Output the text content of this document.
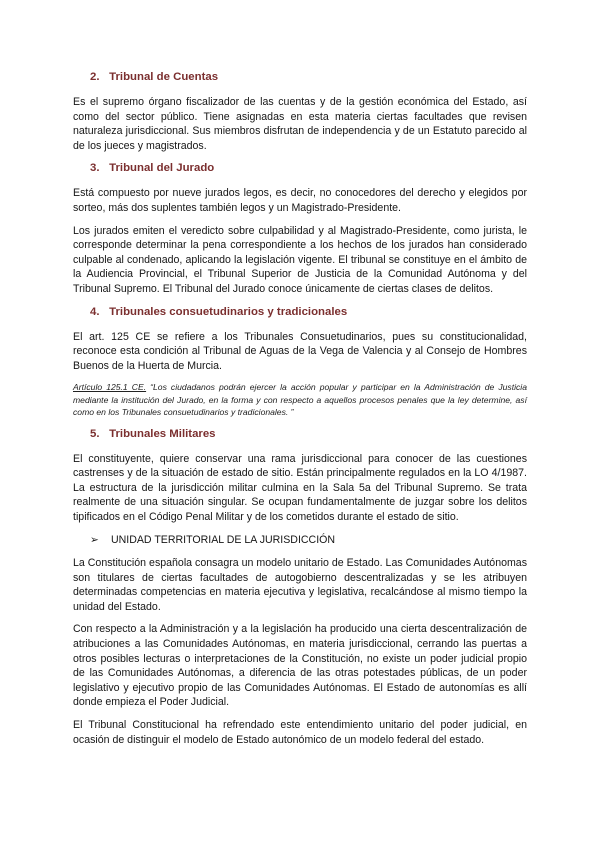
2. Tribunal de Cuentas

Es el supremo órgano fiscalizador de las cuentas y de la gestión económica del Estado, así como del sector público. Tiene asignadas en esta materia ciertas facultades que revisen naturaleza jurisdiccional. Sus miembros disfrutan de independencia y de un Estatuto parecido al de los jueces y magistrados.

3. Tribunal del Jurado

Está compuesto por nueve jurados legos, es decir, no conocedores del derecho y elegidos por sorteo, más dos suplentes también legos y un Magistrado-Presidente.

Los jurados emiten el veredicto sobre culpabilidad y al Magistrado-Presidente, como jurista, le corresponde determinar la pena correspondiente a los hechos de los jurados han considerado culpable al condenado, aplicando la legislación vigente. El tribunal se constituye en el ámbito de la Audiencia Provincial, el Tribunal Superior de Justicia de la Comunidad Autónoma y del Tribunal Supremo. El Tribunal del Jurado conoce únicamente de ciertas clases de delitos.

4. Tribunales consuetudinarios y tradicionales

El art. 125 CE se refiere a los Tribunales Consuetudinarios, pues su constitucionalidad, reconoce esta condición al Tribunal de Aguas de la Vega de Valencia y al Consejo de Hombres Buenos de la Huerta de Murcia.

Artículo 125.1 CE. “Los ciudadanos podrán ejercer la acción popular y participar en la Administración de Justicia mediante la institución del Jurado, en la forma y con respecto a aquellos procesos penales que la ley determine, así como en los Tribunales consuetudinarios y tradicionales. ”

5. Tribunales Militares

El constituyente, quiere conservar una rama jurisdiccional para conocer de las cuestiones castrenses y de la situación de estado de sitio. Están principalmente regulados en la LO 4/1987. La estructura de la jurisdicción militar culmina en la Sala 5a del Tribunal Supremo. Se trata realmente de una situación singular. Se ocupan fundamentalmente de juzgar sobre los delitos tipificados en el Código Penal Militar y de los cometidos durante el estado de sitio.

➢ UNIDAD TERRITORIAL DE LA JURISDICCIÓN

La Constitución española consagra un modelo unitario de Estado. Las Comunidades Autónomas son titulares de ciertas facultades de autogobierno descentralizadas y se les atribuyen determinadas competencias en materia ejecutiva y legislativa, recalcándose al mismo tiempo la unidad del Estado.

Con respecto a la Administración y a la legislación ha producido una cierta descentralización de atribuciones a las Comunidades Autónomas, en materia jurisdiccional, cerrando las puertas a otros posibles lecturas o interpretaciones de la Constitución, no existe un poder judicial propio de las Comunidades Autónomas, a diferencia de las otras potestades públicas, de un poder legislativo y ejecutivo propio de las Comunidades Autónomas. El Estado de autonomías es allí donde empieza el Poder Judicial.

El Tribunal Constitucional ha refrendado este entendimiento unitario del poder judicial, en ocasión de distinguir el modelo de Estado autonómico de un modelo federal del estado.
